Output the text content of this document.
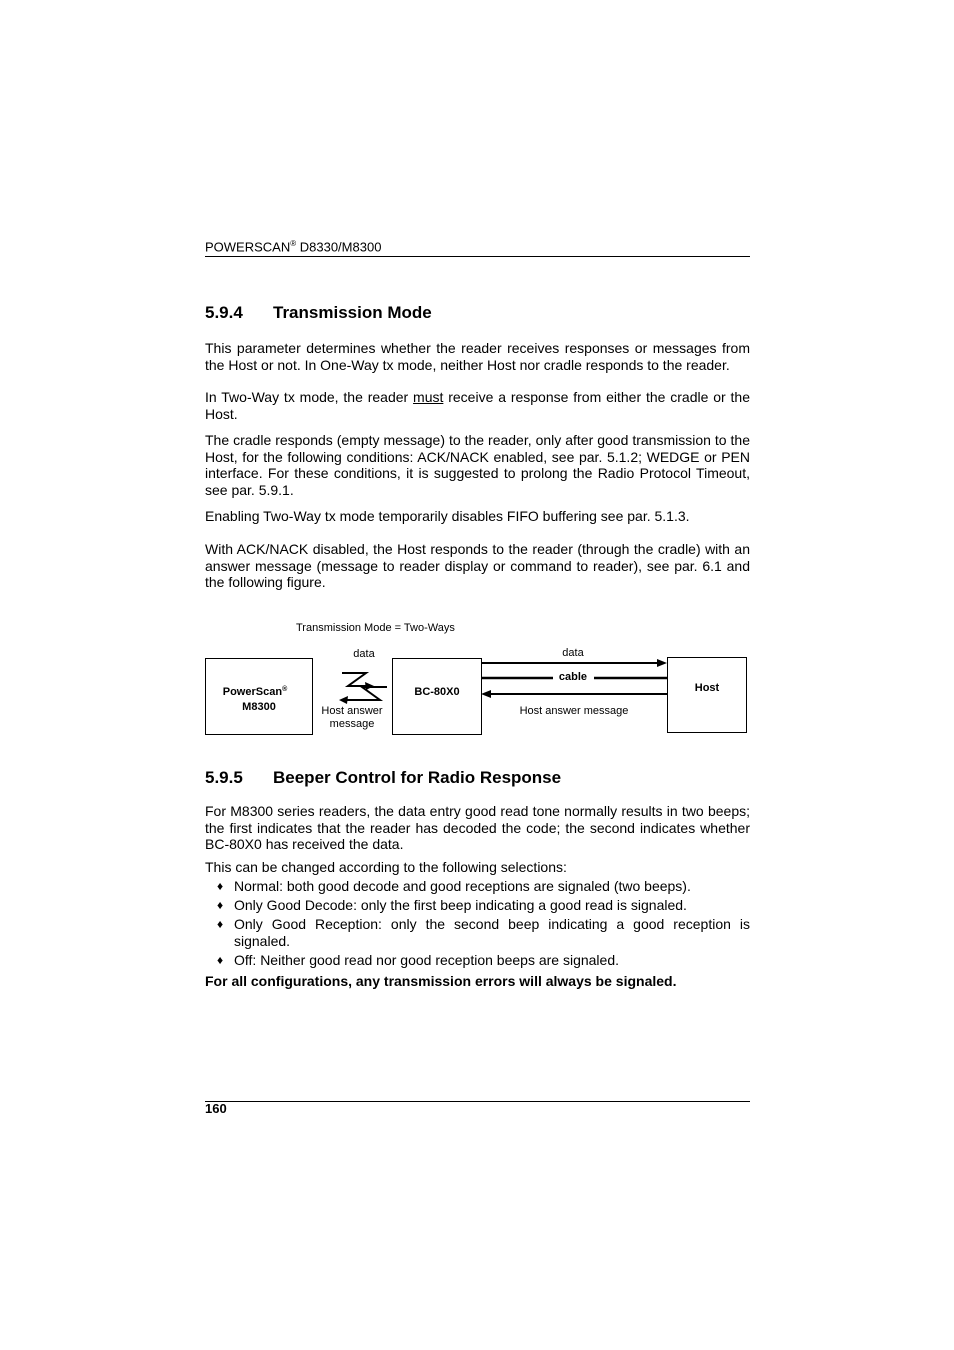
POWERSCAN® D8330/M8300
5.9.4 Transmission Mode
This parameter determines whether the reader receives responses or messages from the Host or not. In One-Way tx mode, neither Host nor cradle responds to the reader.
In Two-Way tx mode, the reader must receive a response from either the cradle or the Host.
The cradle responds (empty message) to the reader, only after good transmission to the Host, for the following conditions: ACK/NACK enabled, see par. 5.1.2; WEDGE or PEN interface. For these conditions, it is suggested to prolong the Radio Protocol Timeout, see par. 5.9.1.
Enabling Two-Way tx mode temporarily disables FIFO buffering see par. 5.1.3.
With ACK/NACK disabled, the Host responds to the reader (through the cradle) with an answer message (message to reader display or command to reader), see par. 6.1 and the following figure.
Transmission Mode = Two-Ways
PowerScan®
M8300
data
Host answer
message
BC-80X0
data
cable
Host answer message
Host
5.9.5 Beeper Control for Radio Response
For M8300 series readers, the data entry good read tone normally results in two beeps; the first indicates that the reader has decoded the code; the second indicates whether BC-80X0 has received the data.
This can be changed according to the following selections:
♦ Normal: both good decode and good receptions are signaled (two beeps).
♦ Only Good Decode: only the first beep indicating a good read is signaled.
♦ Only Good Reception: only the second beep indicating a good reception is signaled.
♦ Off: Neither good read nor good reception beeps are signaled.
For all configurations, any transmission errors will always be signaled.
160
